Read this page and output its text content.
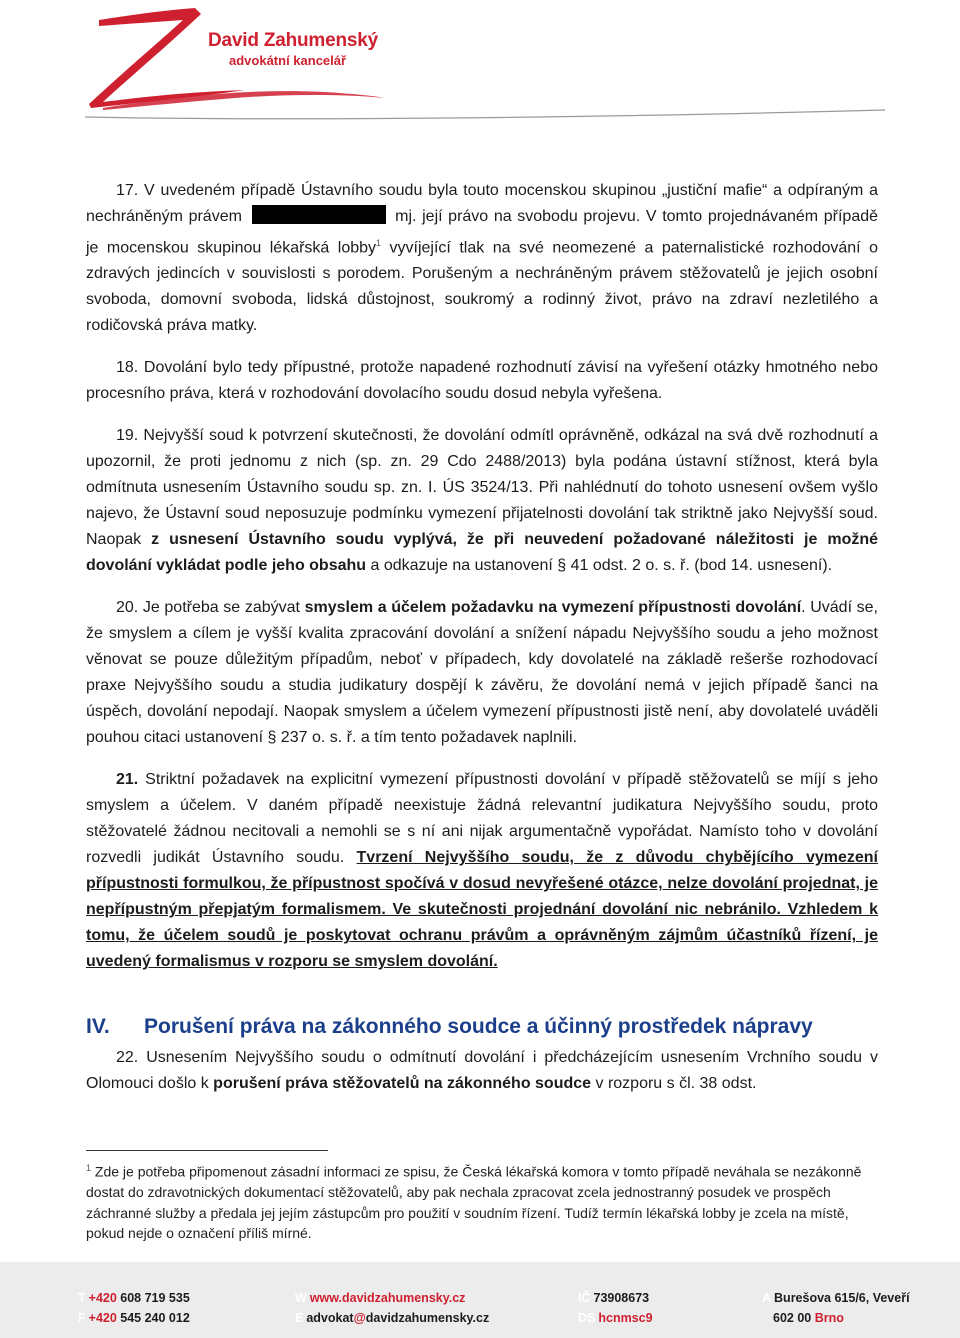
David Zahumenský
advokátní kancelář

17. V uvedeném případě Ústavního soudu byla touto mocenskou skupinou „justiční mafie“ a odpíraným a nechráněným právem	mj. její právo na svobodu projevu. V tomto projednávaném případě je mocenskou skupinou lékařská lobby$^1$ vyvíjející tlak na své neomezené a paternalistické rozhodování o zdravých jedincích v souvislosti s porodem. Porušeným a nechráněným právem stěžovatelů je jejich osobní svoboda, domovní svoboda, lidská důstojnost, soukromý a rodinný život, právo na zdraví nezletilého a rodičovská práva matky.

18. Dovolání bylo tedy přípustné, protože napadené rozhodnutí závisí na vyřešení otázky hmotného nebo procesního práva, která v rozhodování dovolacího soudu dosud nebyla vyřešena.

19. Nejvyšší soud k potvrzení skutečnosti, že dovolání odmítl oprávněně, odkázal na svá dvě rozhodnutí a upozornil, že proti jednomu z nich (sp. zn. 29 Cdo 2488/2013) byla podána ústavní stížnost, která byla odmítnuta usnesením Ústavního soudu sp. zn. I. ÚS 3524/13. Při nahlédnutí do tohoto usnesení ovšem vyšlo najevo, že Ústavní soud neposuzuje podmínku vymezení přijatelnosti dovolání tak striktně jako Nejvyšší soud. Naopak z usnesení Ústavního soudu vyplývá, že při neuvedení požadované náležitosti je možné dovolání vykládat podle jeho obsahu a odkazuje na ustanovení § 41 odst. 2 o. s. ř. (bod 14. usnesení).

20. Je potřeba se zabývat smyslem a účelem požadavku na vymezení přípustnosti dovolání. Uvádí se, že smyslem a cílem je vyšší kvalita zpracování dovolání a snížení nápadu Nejvyššího soudu a jeho možnost věnovat se pouze důležitým případům, neboť v případech, kdy dovolatelé na základě rešerše rozhodovací praxe Nejvyššího soudu a studia judikatury dospějí k závěru, že dovolání nemá v jejich případě šanci na úspěch, dovolání nepodají. Naopak smyslem a účelem vymezení přípustnosti jistě není, aby dovolatelé uváděli pouhou citaci ustanovení § 237 o. s. ř. a tím tento požadavek naplnili.

21. Striktní požadavek na explicitní vymezení přípustnosti dovolání v případě stěžovatelů se míjí s jeho smyslem a účelem. V daném případě neexistuje žádná relevantní judikatura Nejvyššího soudu, proto stěžovatelé žádnou necitovali a nemohli se s ní ani nijak argumentačně vypořádat. Namísto toho v dovolání rozvedli judikát Ústavního soudu. Tvrzení Nejvyššího soudu, že z důvodu chybějícího vymezení přípustnosti formulkou, že přípustnost spočívá v dosud nevyřešené otázce, nelze dovolání projednat, je nepřípustným přepjatým formalismem. Ve skutečnosti projednání dovolání nic nebránilo. Vzhledem k tomu, že účelem soudů je poskytovat ochranu právům a oprávněným zájmům účastníků řízení, je uvedený formalismus v rozporu se smyslem dovolání.

IV. Porušení práva na zákonného soudce a účinný prostředek nápravy

22. Usnesením Nejvyššího soudu o odmítnutí dovolání i předcházejícím usnesením Vrchního soudu v Olomouci došlo k porušení práva stěžovatelů na zákonného soudce v rozporu s čl. 38 odst.

$^1$ Zde je potřeba připomenout zásadní informaci ze spisu, že Česká lékařská komora v tomto případě neváhala se nezákonně dostat do zdravotnických dokumentací stěžovatelů, aby pak nechala zpracovat zcela jednostranný posudek ve prospěch záchranné služby a předala jej jejím zástupcům pro použití v soudním řízení. Tudíž termín lékařská lobby je zcela na místě, pokud nejde o označení příliš mírné.
T +420 608 719 535
F +420 545 240 012
W www.davidzahumensky.cz
E advokat@davidzahumensky.cz
IČ 73908673
DS hcnmsc9
A Burešova 615/6, Veveří
602 00 Brno
